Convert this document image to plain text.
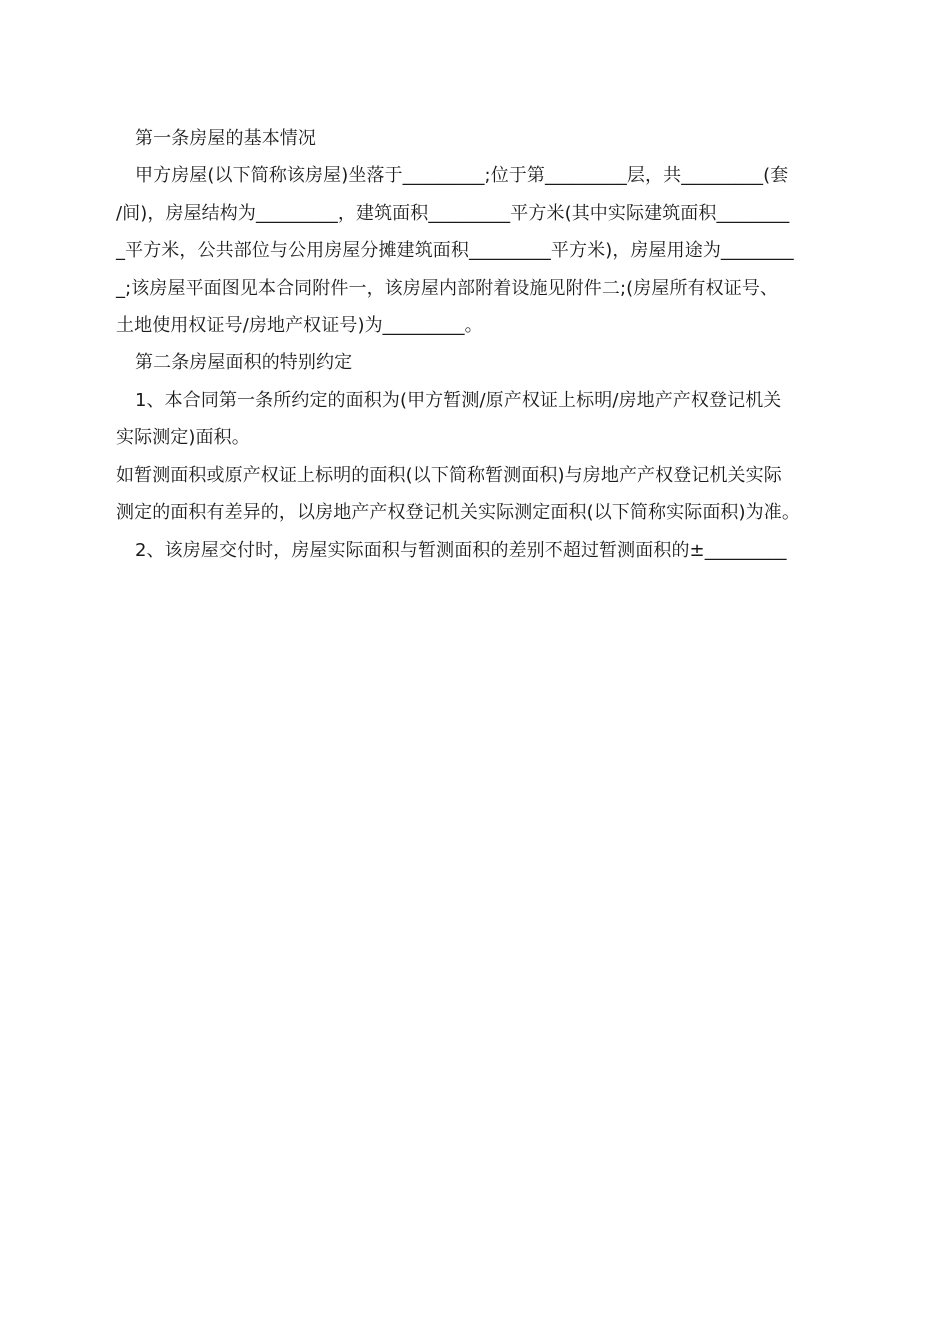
第一条房屋的基本情况
甲方房屋(以下简称该房屋)坐落于_________;位于第_________层，共_________(套
/间)，房屋结构为_________，建筑面积_________平方米(其中实际建筑面积________
_平方米，公共部位与公用房屋分摊建筑面积_________平方米)，房屋用途为________
_;该房屋平面图见本合同附件一，该房屋内部附着设施见附件二;(房屋所有权证号、
土地使用权证号/房地产权证号)为_________。
第二条房屋面积的特别约定
1、本合同第一条所约定的面积为(甲方暂测/原产权证上标明/房地产产权登记机关
实际测定)面积。
如暂测面积或原产权证上标明的面积(以下简称暂测面积)与房地产产权登记机关实际
测定的面积有差异的，以房地产产权登记机关实际测定面积(以下简称实际面积)为准。
2、该房屋交付时，房屋实际面积与暂测面积的差别不超过暂测面积的±_________
